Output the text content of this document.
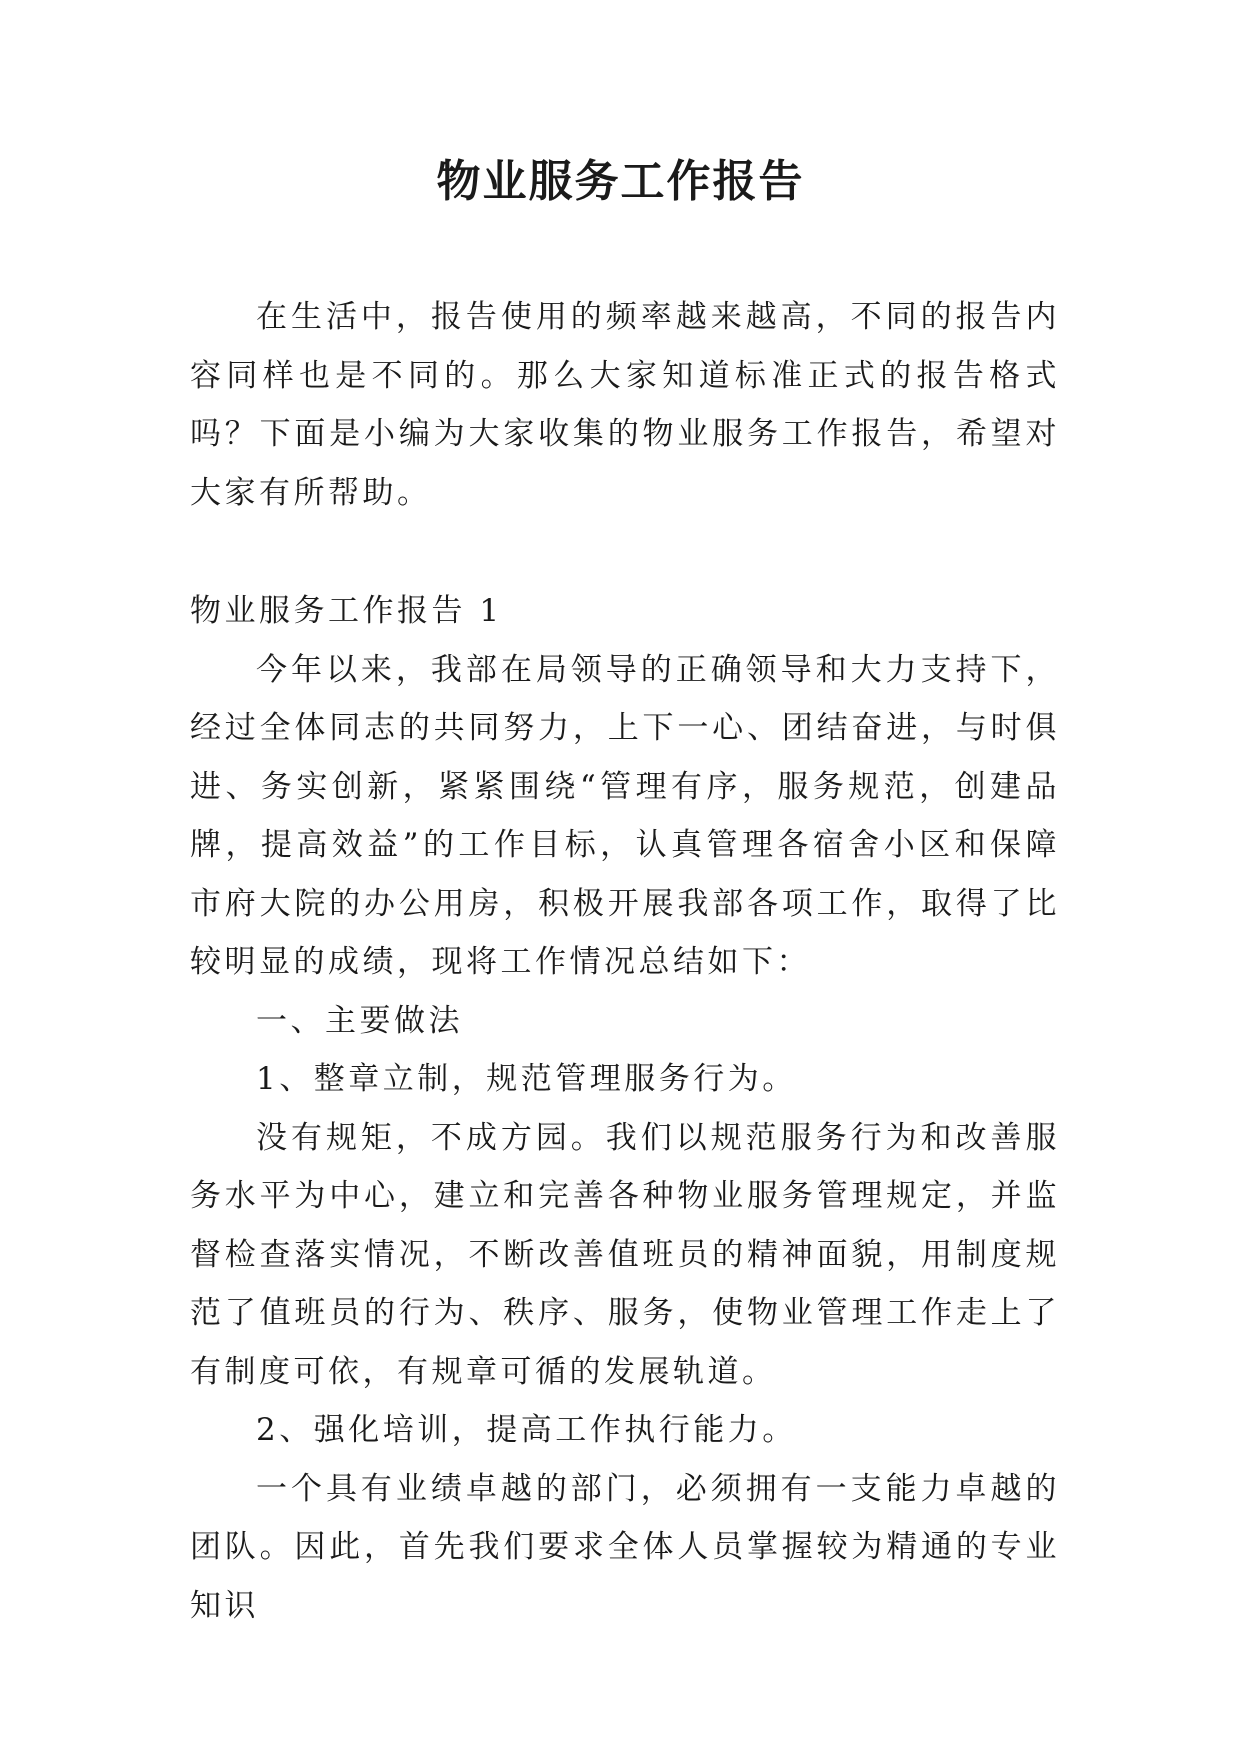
物业服务工作报告

在生活中，报告使用的频率越来越高，不同的报告内容同样也是不同的。那么大家知道标准正式的报告格式吗？下面是小编为大家收集的物业服务工作报告，希望对大家有所帮助。

物业服务工作报告 1

今年以来，我部在局领导的正确领导和大力支持下，经过全体同志的共同努力，上下一心、团结奋进，与时俱进、务实创新，紧紧围绕“管理有序，服务规范，创建品牌，提高效益”的工作目标，认真管理各宿舍小区和保障市府大院的办公用房，积极开展我部各项工作，取得了比较明显的成绩，现将工作情况总结如下：

一、主要做法

1、整章立制，规范管理服务行为。

没有规矩，不成方园。我们以规范服务行为和改善服务水平为中心，建立和完善各种物业服务管理规定，并监督检查落实情况，不断改善值班员的精神面貌，用制度规范了值班员的行为、秩序、服务，使物业管理工作走上了有制度可依，有规章可循的发展轨道。

2、强化培训，提高工作执行能力。

一个具有业绩卓越的部门，必须拥有一支能力卓越的团队。因此，首先我们要求全体人员掌握较为精通的专业知识
